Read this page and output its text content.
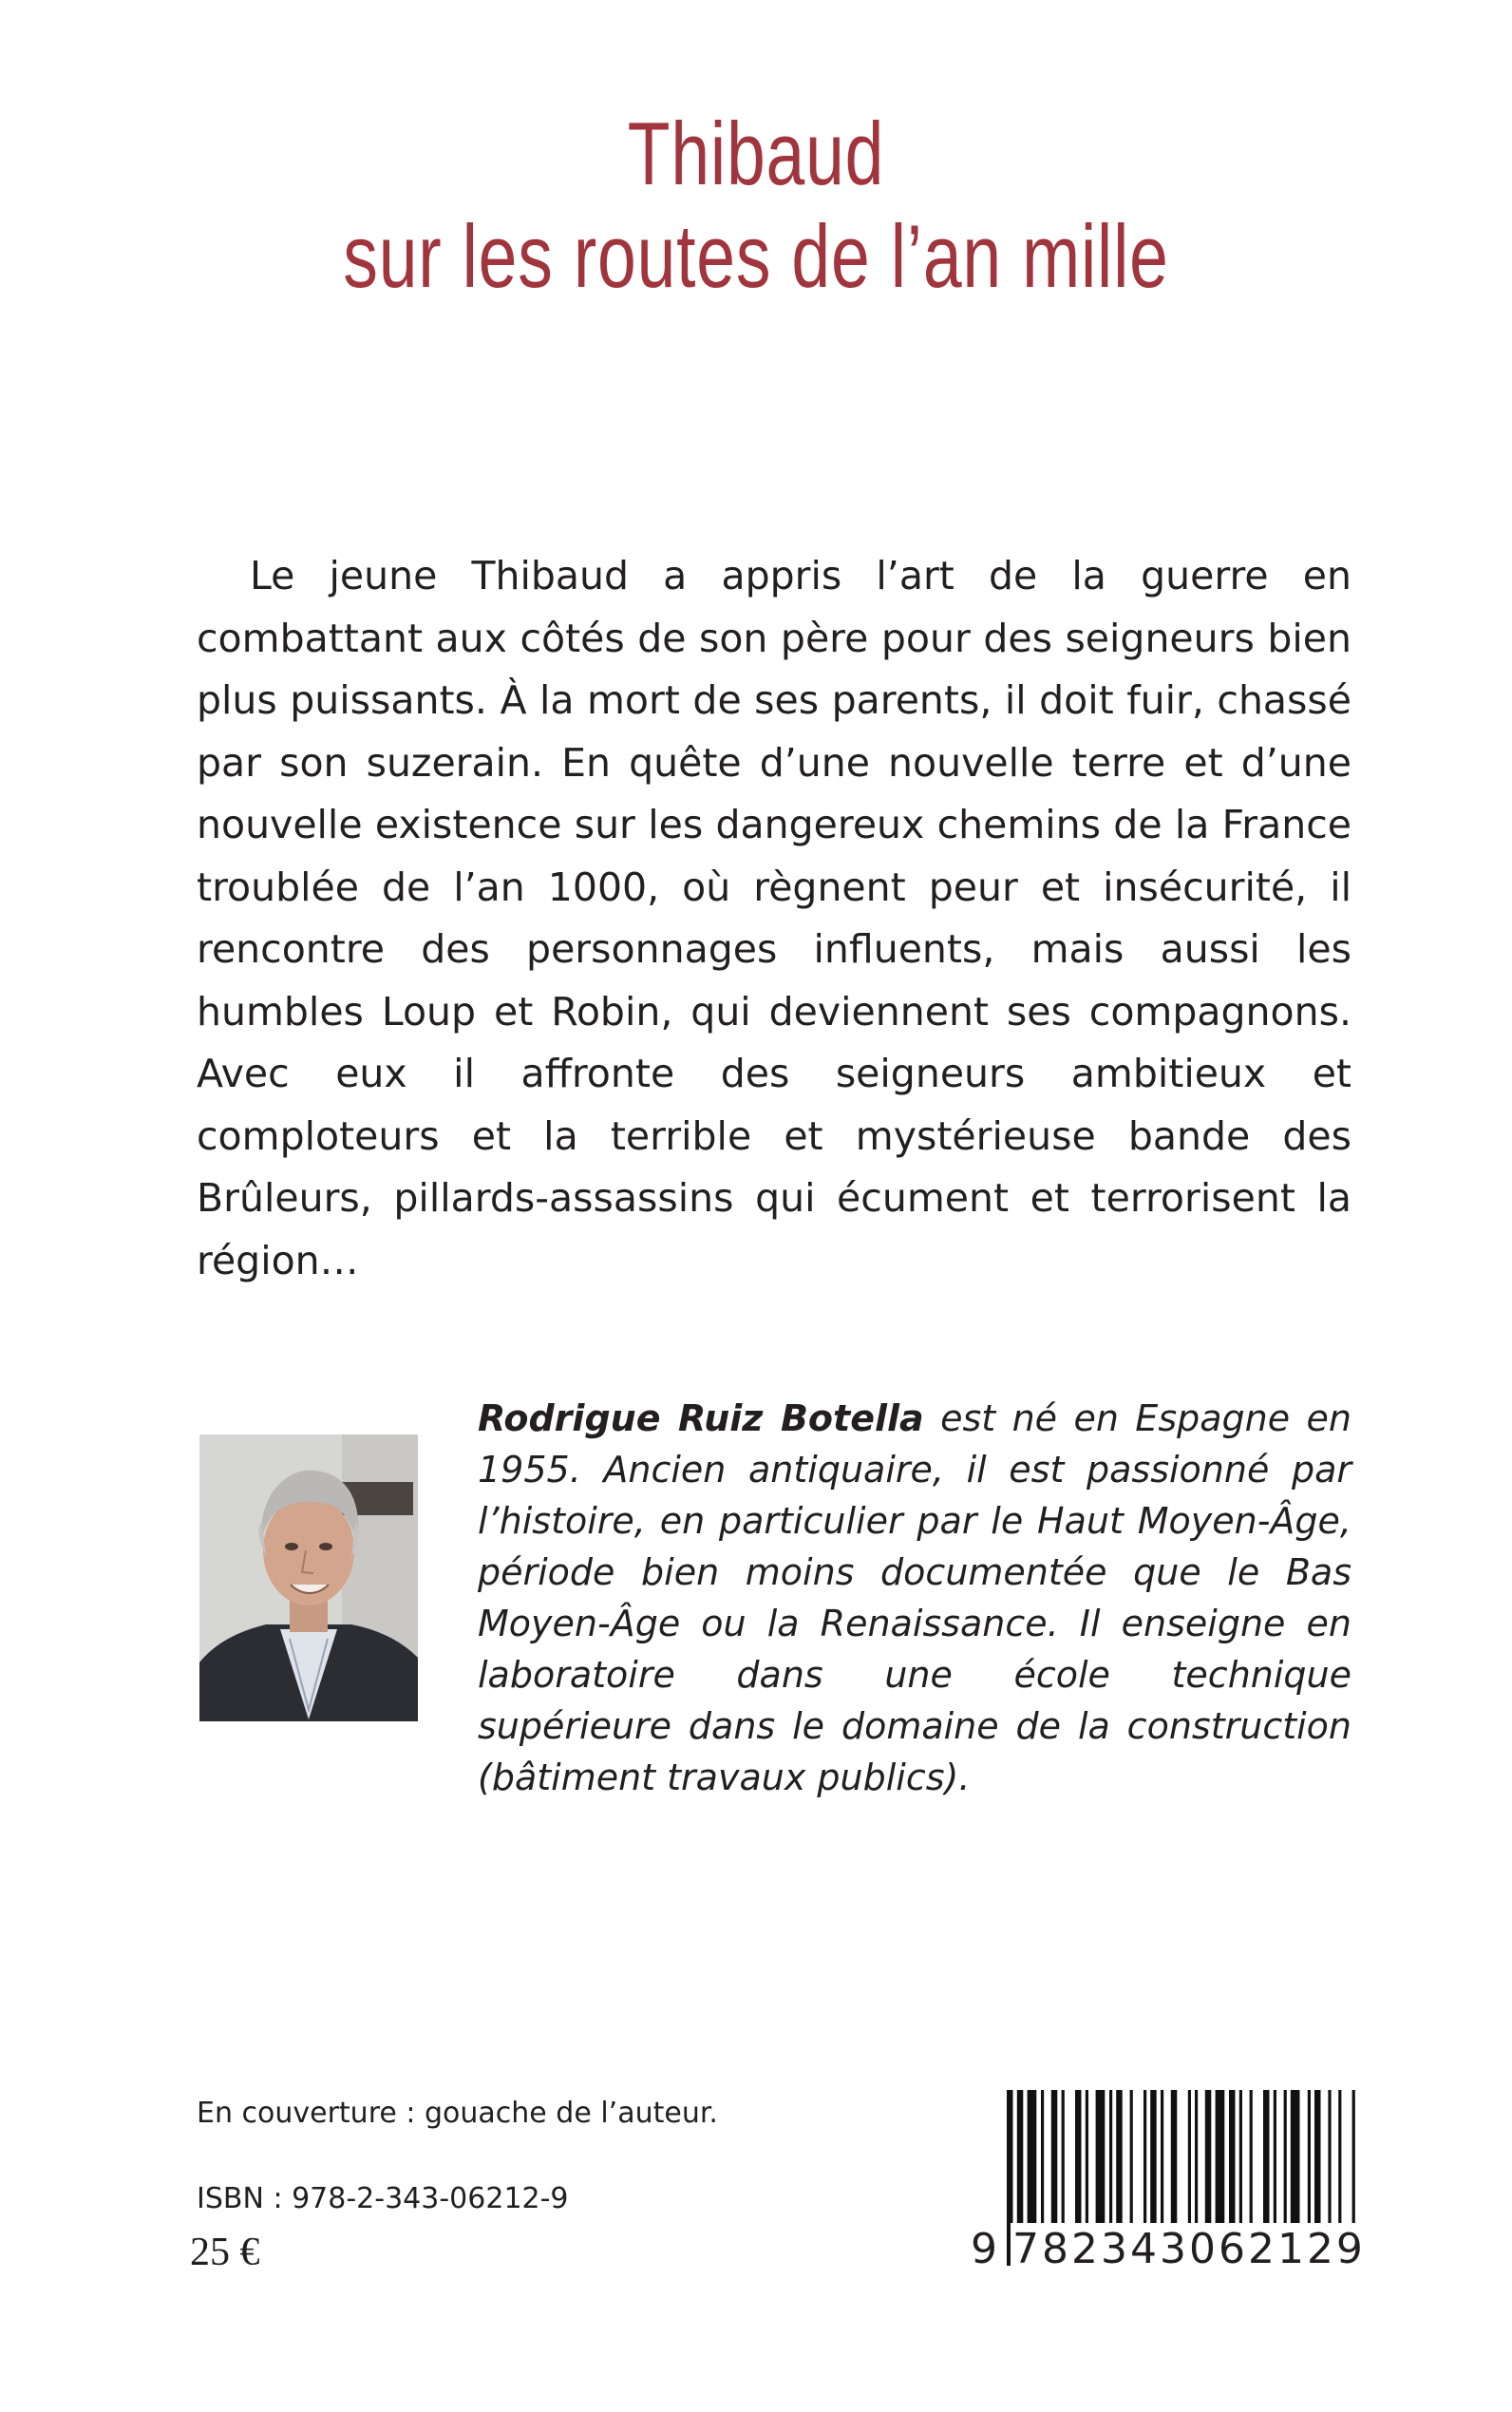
Thibaud
sur les routes de l’an mille

Le jeune Thibaud a appris l’art de la guerre en combattant aux côtés de son père pour des seigneurs bien plus puissants. À la mort de ses parents, il doit fuir, chassé par son suzerain. En quête d’une nouvelle terre et d’une nouvelle existence sur les dangereux chemins de la France troublée de l’an 1000, où règnent peur et insécurité, il rencontre des personnages influents, mais aussi les humbles Loup et Robin, qui deviennent ses compagnons. Avec eux il affronte des seigneurs ambitieux et comploteurs et la terrible et mystérieuse bande des Brûleurs, pillards-assassins qui écument et terrorisent la région…

Rodrigue Ruiz Botella est né en Espagne en 1955. Ancien antiquaire, il est passionné par l’histoire, en particulier par le Haut Moyen-Âge, période bien moins documentée que le Bas Moyen-Âge ou la Renaissance. Il enseigne en laboratoire dans une école technique supérieure dans le domaine de la construction (bâtiment travaux publics).

En couverture : gouache de l’auteur.
ISBN : 978-2-343-06212-9
25 €	9 782343062129
